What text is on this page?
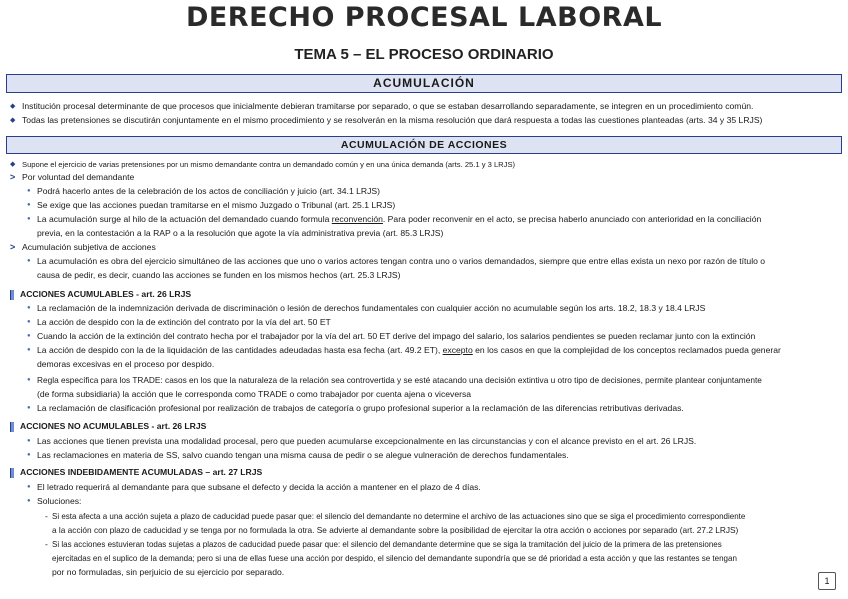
DERECHO PROCESAL LABORAL
TEMA 5 – EL PROCESO ORDINARIO
ACUMULACIÓN
◆ Institución procesal determinante de que procesos que inicialmente debieran tramitarse por separado, o que se estaban desarrollando separadamente, se integren en un procedimiento común.
◆ Todas las pretensiones se discutirán conjuntamente en el mismo procedimiento y se resolverán en la misma resolución que dará respuesta a todas las cuestiones planteadas (arts. 34 y 35 LRJS)
ACUMULACIÓN DE ACCIONES
◆ Supone el ejercicio de varias pretensiones por un mismo demandante contra un demandado común y en una única demanda (arts. 25.1 y 3 LRJS)
> Por voluntad del demandante
● Podrá hacerlo antes de la celebración de los actos de conciliación y juicio (art. 34.1 LRJS)
● Se exige que las acciones puedan tramitarse en el mismo Juzgado o Tribunal (art. 25.1 LRJS)
● La acumulación surge al hilo de la actuación del demandado cuando formula reconvención. Para poder reconvenir en el acto, se precisa haberlo anunciado con anterioridad en la conciliación
previa, en la contestación a la RAP o a la resolución que agote la vía administrativa previa (art. 85.3 LRJS)
> Acumulación subjetiva de acciones
● La acumulación es obra del ejercicio simultáneo de las acciones que uno o varios actores tengan contra uno o varios demandados, siempre que entre ellas exista un nexo por razón de título o
causa de pedir, es decir, cuando las acciones se funden en los mismos hechos (art. 25.3 LRJS)
ACCIONES ACUMULABLES - art. 26 LRJS
● La reclamación de la indemnización derivada de discriminación o lesión de derechos fundamentales con cualquier acción no acumulable según los arts. 18.2, 18.3 y 18.4 LRJS
● La acción de despido con la de extinción del contrato por la vía del art. 50 ET
● Cuando la acción de la extinción del contrato hecha por el trabajador por la vía del art. 50 ET derive del impago del salario, los salarios pendientes se pueden reclamar junto con la extinción
● La acción de despido con la de la liquidación de las cantidades adeudadas hasta esa fecha (art. 49.2 ET), excepto en los casos en que la complejidad de los conceptos reclamados pueda generar
demoras excesivas en el proceso por despido.
● Regla específica para los TRADE: casos en los que la naturaleza de la relación sea controvertida y se esté atacando una decisión extintiva u otro tipo de decisiones, permite plantear conjuntamente
(de forma subsidiaria) la acción que le corresponda como TRADE o como trabajador por cuenta ajena o viceversa
● La reclamación de clasificación profesional por realización de trabajos de categoría o grupo profesional superior a la reclamación de las diferencias retributivas derivadas.
ACCIONES NO ACUMULABLES - art. 26 LRJS
● Las acciones que tienen prevista una modalidad procesal, pero que pueden acumularse excepcionalmente en las circunstancias y con el alcance previsto en el art. 26 LRJS.
● Las reclamaciones en materia de SS, salvo cuando tengan una misma causa de pedir o se alegue vulneración de derechos fundamentales.
ACCIONES INDEBIDAMENTE ACUMULADAS – art. 27 LRJS
● El letrado requerirá al demandante para que subsane el defecto y decida la acción a mantener en el plazo de 4 días.
● Soluciones:
- Si esta afecta a una acción sujeta a plazo de caducidad puede pasar que: el silencio del demandante no determine el archivo de las actuaciones sino que se siga el procedimiento correspondiente
a la acción con plazo de caducidad y se tenga por no formulada la otra. Se advierte al demandante sobre la posibilidad de ejercitar la otra acción o acciones por separado (art. 27.2 LRJS)
- Si las acciones estuvieran todas sujetas a plazos de caducidad puede pasar que: el silencio del demandante determine que se siga la tramitación del juicio de la primera de las pretensiones
ejercitadas en el suplico de la demanda; pero si una de ellas fuese una acción por despido, el silencio del demandante supondría que se dé prioridad a esta acción y que las restantes se tengan
por no formuladas, sin perjuicio de su ejercicio por separado.
1
